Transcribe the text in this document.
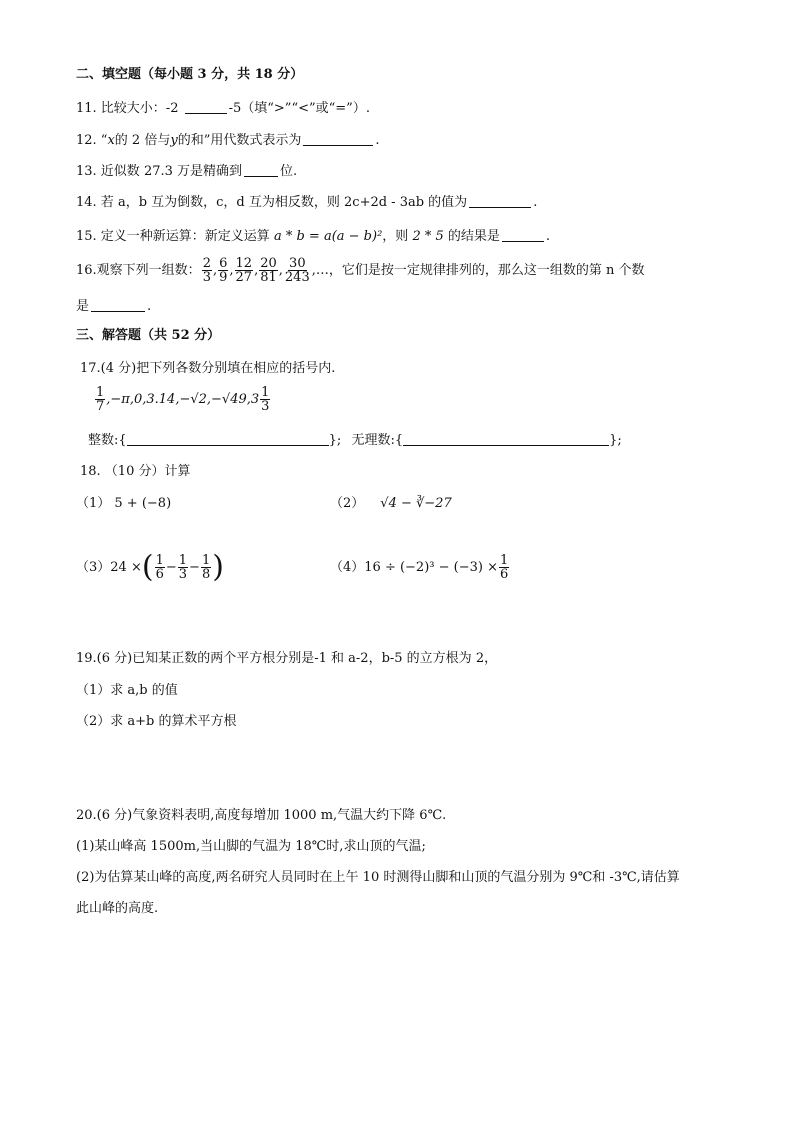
二、填空题（每小题 3 分，共 18 分）
11. 比较大小：-2	-5（填“>”“<”或“=”）.
12. “x的 2 倍与y的和”用代数式表示为	.
13. 近似数 27.3 万是精确到	位.
14. 若 a，b 互为倒数，c，d 互为相反数，则 2c+2d - 3ab 的值为	.
15. 定义一种新运算：新定义运算 a * b = a(a − b)²，则 2 * 5 的结果是	.
16.观察下列一组数： $\frac{2}{3}$ , $\frac{6}{9}$ , $\frac{12}{27}$ , $\frac{20}{81}$ , $\frac{30}{243}$ ,…，它们是按一定规律排列的，那么这一组数的第 n 个数
是	.
三、解答题（共 52 分）
17.(4 分)把下列各数分别填在相应的括号内.
$\frac{1}{7} ,-\pi,0,3.14,-√2,-√49,3 \frac{1}{3}$
整数:{	}; 无理数:{	};
18. （10 分）计算
（1） 5 + (−8)	（2） √4 − ∛−27
（3）24 ×( $\frac{1}{6} - \frac{1}{3} - \frac{1}{8}$ )	$(4)16 \div (-2)^3 - (-3) \times \frac{1}{6}$
19.(6 分)已知某正数的两个平方根分别是-1 和 a-2，b-5 的立方根为 2，
（1）求 a,b 的值
（2）求 a+b 的算术平方根
20.(6 分)气象资料表明,高度每增加 1000 m,气温大约下降 6℃.
(1)某山峰高 1500m,当山脚的气温为 18℃时,求山顶的气温;
(2)为估算某山峰的高度,两名研究人员同时在上午 10 时测得山脚和山顶的气温分别为 9℃和 -3℃,请估算
此山峰的高度.
